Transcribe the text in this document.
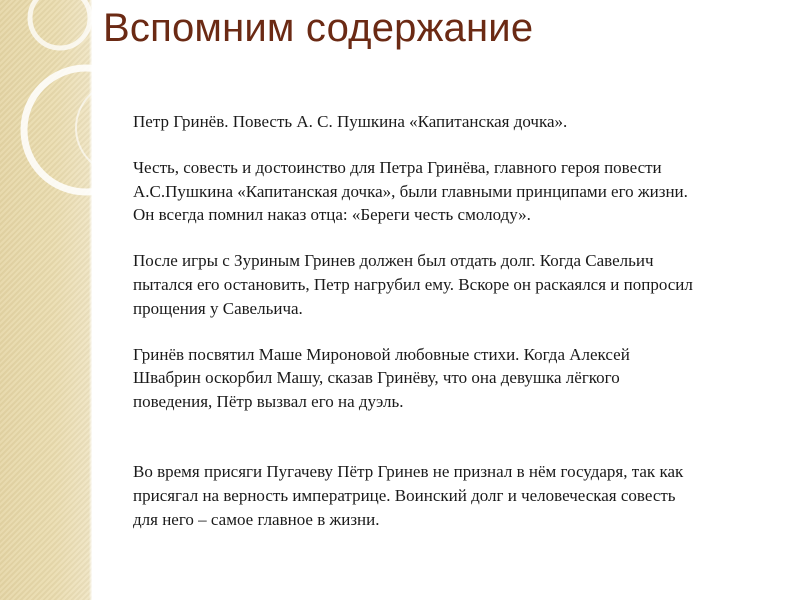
Вспомним содержание

Петр Гринёв. Повесть А. С. Пушкина «Капитанская дочка».

Честь, совесть и достоинство для Петра Гринёва, главного героя повести А.С.Пушкина «Капитанская дочка», были главными принципами его жизни. Он всегда помнил наказ отца: «Береги честь смолоду».

После игры с Зуриным Гринев должен был отдать долг. Когда Савельич пытался его остановить, Петр нагрубил ему. Вскоре он раскаялся и попросил прощения у Савельича.

Гринёв посвятил Маше Мироновой любовные стихи. Когда Алексей Швабрин оскорбил Машу, сказав Гринёву, что она девушка лёгкого поведения, Пётр вызвал его на дуэль.

Во время присяги Пугачеву Пётр Гринев не признал в нём государя, так как присягал на верность императрице. Воинский долг и человеческая совесть для него – самое главное в жизни.
